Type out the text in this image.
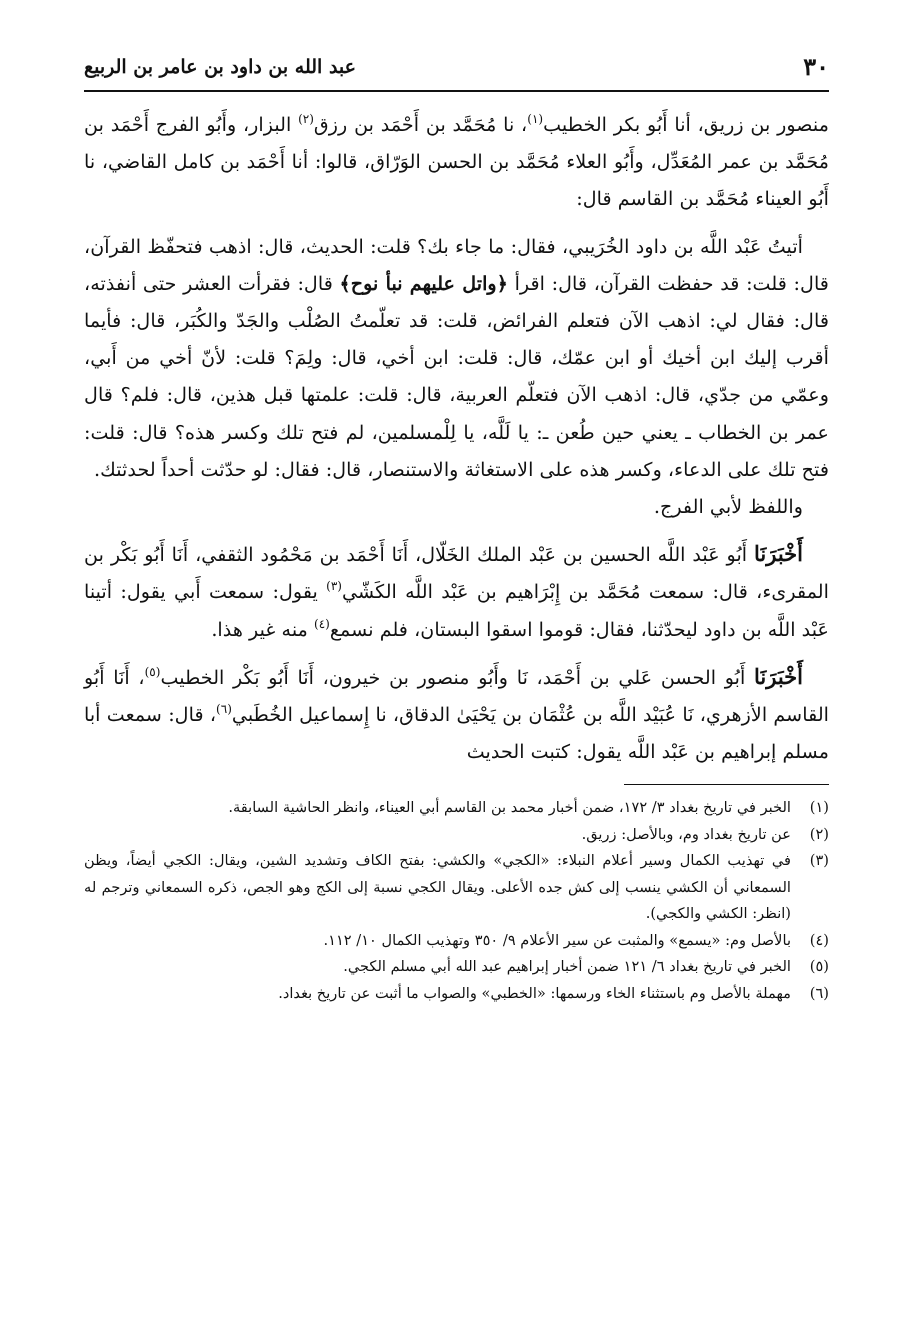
٣٠
عبد الله بن داود بن عامر بن الربيع

منصور بن زريق، أنا أَبُو بكر الخطيب$^{(١)}$، نا مُحَمَّد بن أَحْمَد بن رزق$^{(٢)}$ البزار، وأَبُو الفرج أَحْمَد بن مُحَمَّد بن عمر المُعَدِّل، وأَبُو العلاء مُحَمَّد بن الحسن الوَرّاق، قالوا: أنا أَحْمَد بن كامل القاضي، نا أَبُو العيناء مُحَمَّد بن القاسم قال:

أتيتُ عَبْد اللَّه بن داود الخُرَيبي، فقال: ما جاء بك؟ قلت: الحديث، قال: اذهب فتحفّظ القرآن، قال: قلت: قد حفظت القرآن، قال: اقرأ ﴿واتل عليهم نبأ نوح﴾ قال: فقرأت العشر حتى أنفذته، قال: فقال لي: اذهب الآن فتعلم الفرائض، قلت: قد تعلّمتُ الصُلْب والجَدّ والكُبَر، قال: فأيما أقرب إليك ابن أخيك أو ابن عمّك، قال: قلت: ابن أخي، قال: ولِمَ؟ قلت: لأنّ أخي من أَبي، وعمّي من جدّي، قال: اذهب الآن فتعلّم العربية، قال: قلت: علمتها قبل هذين، قال: فلم؟ قال عمر بن الخطاب ـ يعني حين طُعن ـ: يا لَلَّه، يا لِلْمسلمين، لم فتح تلك وكسر هذه؟ قال: قلت: فتح تلك على الدعاء، وكسر هذه على الاستغاثة والاستنصار، قال: فقال: لو حدّثت أحداً لحدثتك.

واللفظ لأبي الفرج.

أَخْبَرَنَا أَبُو عَبْد اللَّه الحسين بن عَبْد الملك الخَلّال، أَنَا أَحْمَد بن مَحْمُود الثقفي، أَنَا أَبُو بَكْر بن المقرىء، قال: سمعت مُحَمَّد بن إِبْرَاهيم بن عَبْد اللَّه الكَشّي$^{(٣)}$ يقول: سمعت أَبي يقول: أتينا عَبْد اللَّه بن داود ليحدّثنا، فقال: قوموا اسقوا البستان، فلم نسمع$^{(٤)}$ منه غير هذا.

أَخْبَرَنَا أَبُو الحسن عَلي بن أَحْمَد، نَا وأَبُو منصور بن خيرون، أَنَا أَبُو بَكْر الخطيب$^{(٥)}$، أَنَا أَبُو القاسم الأزهري، نَا عُبَيْد اللَّه بن عُثْمَان بن يَحْيَىٰ الدقاق، نا إِسماعيل الخُطَبي$^{(٦)}$، قال: سمعت أبا مسلم إبراهيم بن عَبْد اللَّه يقول: كتبت الحديث

(١)
الخبر في تاريخ بغداد ٣/ ١٧٢، ضمن أخبار محمد بن القاسم أبي العيناء، وانظر الحاشية السابقة.
(٢)
عن تاريخ بغداد وم، وبالأصل: زريق.
(٣)
في تهذيب الكمال وسير أعلام النبلاء: «الكجي» والكشي: بفتح الكاف وتشديد الشين، ويقال: الكجي أيضاً، ويظن السمعاني أن الكشي ينسب إلى كش جده الأعلى. ويقال الكجي نسبة إلى الكج وهو الجص، ذكره السمعاني وترجم له (انظر: الكشي والكجي).
(٤)
بالأصل وم: «يسمع» والمثبت عن سير الأعلام ٩/ ٣٥٠ وتهذيب الكمال ١٠/ ١١٢.
(٥)
الخبر في تاريخ بغداد ٦/ ١٢١ ضمن أخبار إبراهيم عبد الله أبي مسلم الكجي.
(٦)
مهملة بالأصل وم باستثناء الخاء ورسمها: «الخطبي» والصواب ما أثبت عن تاريخ بغداد.
